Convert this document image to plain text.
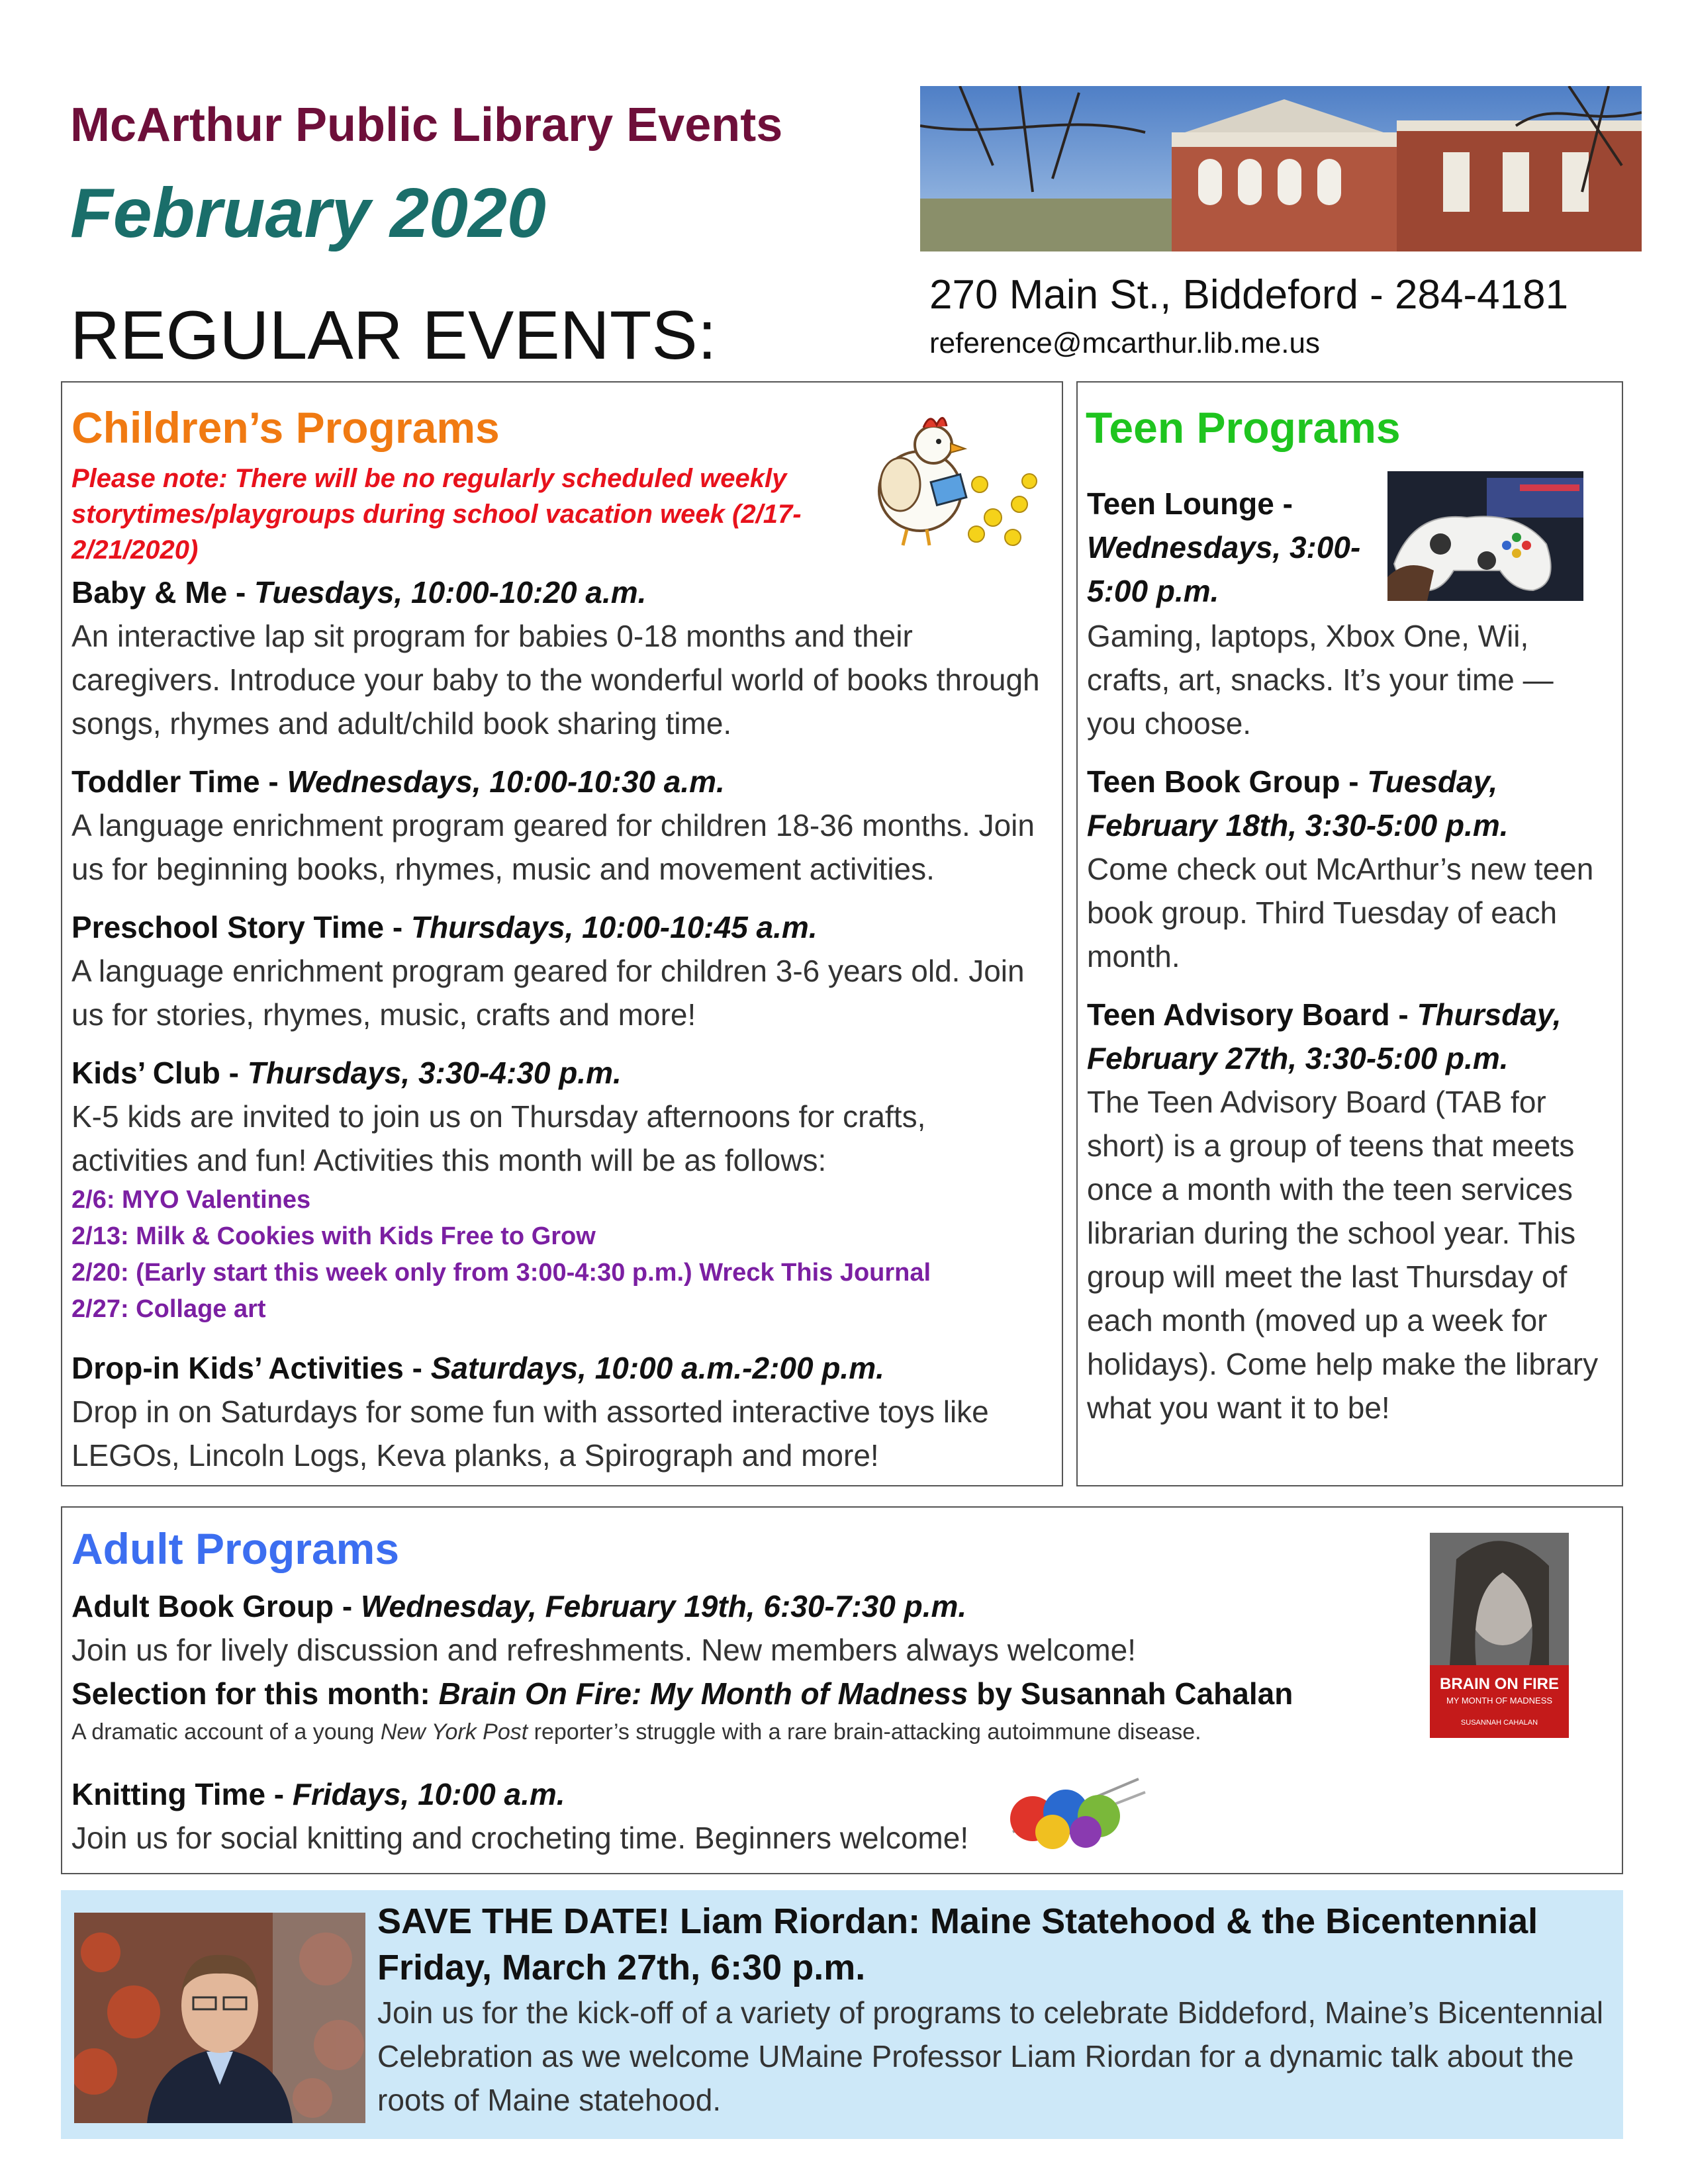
McArthur Public Library Events
February 2020
REGULAR EVENTS:
270 Main St., Biddeford - 284-4181
reference@mcarthur.lib.me.us
Children’s Programs
Please note: There will be no regularly scheduled weekly storytimes/playgroups during school vacation week (2/17-2/21/2020)
Baby & Me - Tuesdays, 10:00-10:20 a.m.
An interactive lap sit program for babies 0-18 months and their caregivers. Introduce your baby to the wonderful world of books through songs, rhymes and adult/child book sharing time.
Toddler Time - Wednesdays, 10:00-10:30 a.m.
A language enrichment program geared for children 18-36 months. Join us for beginning books, rhymes, music and movement activities.
Preschool Story Time - Thursdays, 10:00-10:45 a.m.
A language enrichment program geared for children 3-6 years old. Join us for stories, rhymes, music, crafts and more!
Kids’ Club - Thursdays, 3:30-4:30 p.m.
K-5 kids are invited to join us on Thursday afternoons for crafts, activities and fun! Activities this month will be as follows:
2/6: MYO Valentines
2/13: Milk & Cookies with Kids Free to Grow
2/20: (Early start this week only from 3:00-4:30 p.m.) Wreck This Journal
2/27: Collage art
Drop-in Kids’ Activities - Saturdays, 10:00 a.m.-2:00 p.m.
Drop in on Saturdays for some fun with assorted interactive toys like LEGOs, Lincoln Logs, Keva planks, a Spirograph and more!
Teen Programs
Teen Lounge - Wednesdays, 3:00-5:00 p.m.
Gaming, laptops, Xbox One, Wii, crafts, art, snacks. It’s your time — you choose.
Teen Book Group - Tuesday, February 18th, 3:30-5:00 p.m.
Come check out McArthur’s new teen book group. Third Tuesday of each month.
Teen Advisory Board - Thursday, February 27th, 3:30-5:00 p.m.
The Teen Advisory Board (TAB for short) is a group of teens that meets once a month with the teen services librarian during the school year. This group will meet the last Thursday of each month (moved up a week for holidays). Come help make the library what you want it to be!
Adult Programs
Adult Book Group - Wednesday, February 19th, 6:30-7:30 p.m.
Join us for lively discussion and refreshments. New members always welcome!
Selection for this month: Brain On Fire: My Month of Madness by Susannah Cahalan
A dramatic account of a young New York Post reporter’s struggle with a rare brain-attacking autoimmune disease.
BRAIN ON FIRE
MY MONTH OF MADNESS
SUSANNAH CAHALAN
Knitting Time - Fridays, 10:00 a.m.
Join us for social knitting and crocheting time. Beginners welcome!
SAVE THE DATE! Liam Riordan: Maine Statehood & the Bicentennial
Friday, March 27th, 6:30 p.m.
Join us for the kick-off of a variety of programs to celebrate Biddeford, Maine’s Bicentennial Celebration as we welcome UMaine Professor Liam Riordan for a dynamic talk about the roots of Maine statehood.
